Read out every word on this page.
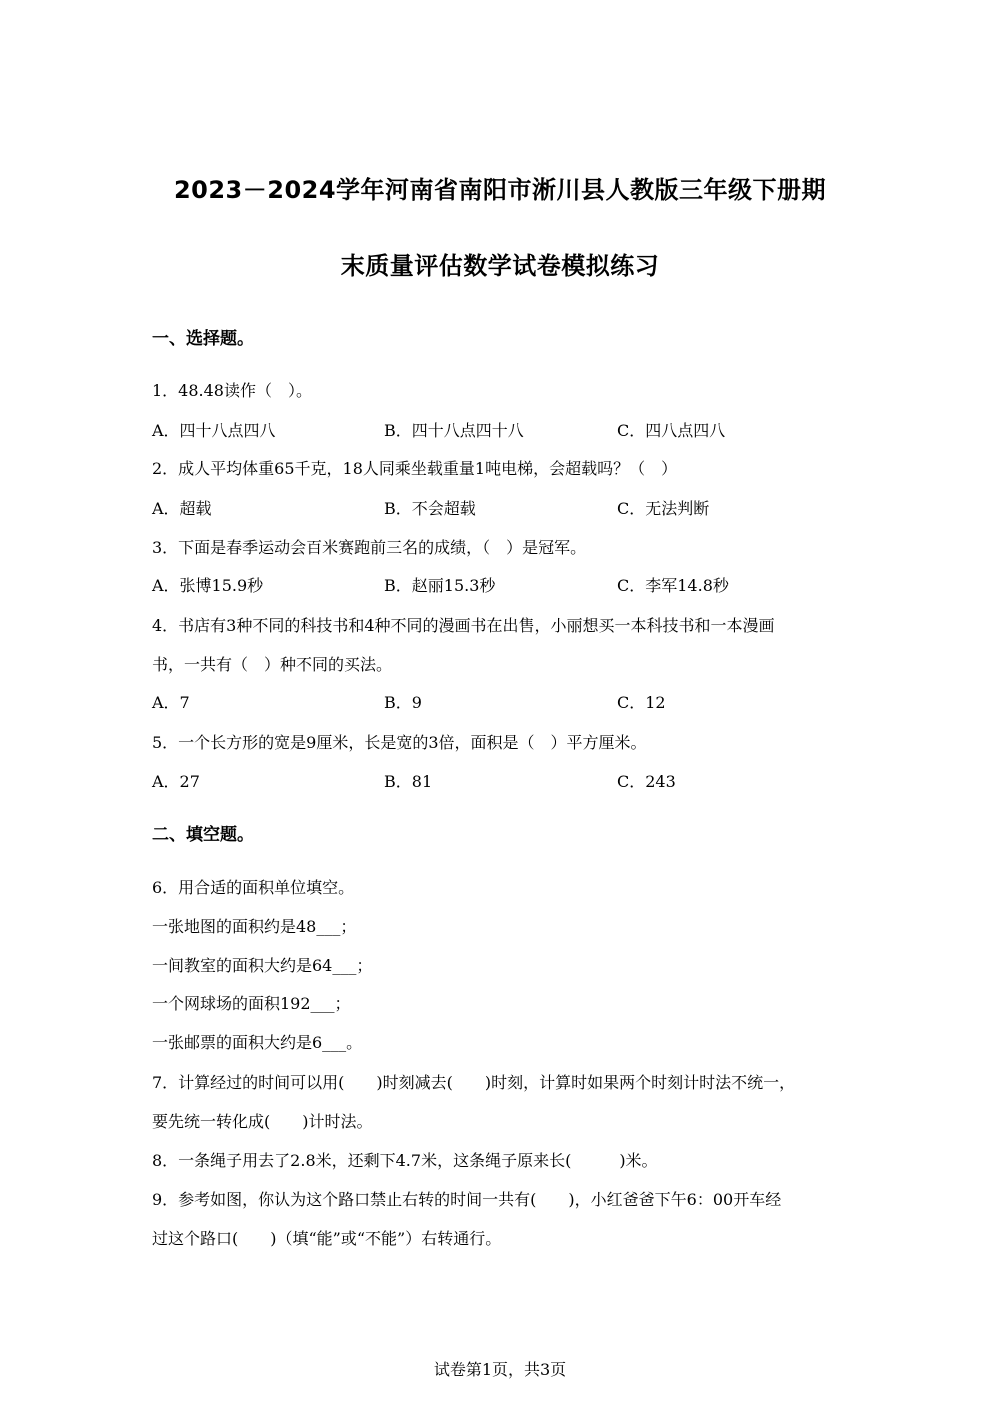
2023－2024学年河南省南阳市淅川县人教版三年级下册期
末质量评估数学试卷模拟练习
一、选择题。
1．48.48读作（　）。
A．四十八点四八	B．四十八点四十八	C．四八点四八
2．成人平均体重65千克，18人同乘坐载重量1吨电梯，会超载吗？（　）
A．超载	B．不会超载	C．无法判断
3．下面是春季运动会百米赛跑前三名的成绩，（　）是冠军。
A．张博15.9秒	B．赵丽15.3秒	C．李军14.8秒
4．书店有3种不同的科技书和4种不同的漫画书在出售，小丽想买一本科技书和一本漫画
书，一共有（　）种不同的买法。
A．7	B．9	C．12
5．一个长方形的宽是9厘米，长是宽的3倍，面积是（　）平方厘米。
A．27	B．81	C．243
二、填空题。
6．用合适的面积单位填空。
一张地图的面积约是48___；
一间教室的面积大约是64___；
一个网球场的面积192___；
一张邮票的面积大约是6___。
7．计算经过的时间可以用(　　)时刻减去(　　)时刻，计算时如果两个时刻计时法不统一，
要先统一转化成(　　)计时法。
8．一条绳子用去了2.8米，还剩下4.7米，这条绳子原来长(　　　)米。
9．参考如图，你认为这个路口禁止右转的时间一共有(　　)，小红爸爸下午6：00开车经
过这个路口(　　)（填“能”或“不能”）右转通行。
试卷第1页，共3页
